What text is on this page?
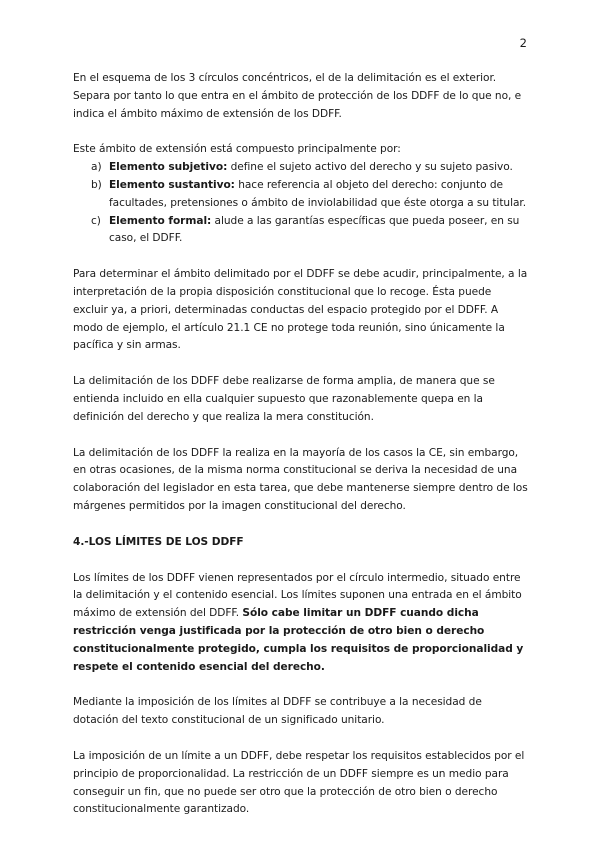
2

En el esquema de los 3 círculos concéntricos, el de la delimitación es el exterior. Separa por tanto lo que entra en el ámbito de protección de los DDFF de lo que no, e indica el ámbito máximo de extensión de los DDFF.

Este ámbito de extensión está compuesto principalmente por:

a) Elemento subjetivo: define el sujeto activo del derecho y su sujeto pasivo.
b) Elemento sustantivo: hace referencia al objeto del derecho: conjunto de facultades, pretensiones o ámbito de inviolabilidad que éste otorga a su titular.
c) Elemento formal: alude a las garantías específicas que pueda poseer, en su caso, el DDFF.

Para determinar el ámbito delimitado por el DDFF se debe acudir, principalmente, a la interpretación de la propia disposición constitucional que lo recoge. Ésta puede excluir ya, a priori, determinadas conductas del espacio protegido por el DDFF. A modo de ejemplo, el artículo 21.1 CE no protege toda reunión, sino únicamente la pacífica y sin armas.

La delimitación de los DDFF debe realizarse de forma amplia, de manera que se entienda incluido en ella cualquier supuesto que razonablemente quepa en la definición del derecho y que realiza la mera constitución.

La delimitación de los DDFF la realiza en la mayoría de los casos la CE, sin embargo, en otras ocasiones, de la misma norma constitucional se deriva la necesidad de una colaboración del legislador en esta tarea, que debe mantenerse siempre dentro de los márgenes permitidos por la imagen constitucional del derecho.

4.-LOS LÍMITES DE LOS DDFF

Los límites de los DDFF vienen representados por el círculo intermedio, situado entre la delimitación y el contenido esencial. Los límites suponen una entrada en el ámbito máximo de extensión del DDFF. Sólo cabe limitar un DDFF cuando dicha restricción venga justificada por la protección de otro bien o derecho constitucionalmente protegido, cumpla los requisitos de proporcionalidad y respete el contenido esencial del derecho.

Mediante la imposición de los límites al DDFF se contribuye a la necesidad de dotación del texto constitucional de un significado unitario.

La imposición de un límite a un DDFF, debe respetar los requisitos establecidos por el principio de proporcionalidad. La restricción de un DDFF siempre es un medio para conseguir un fin, que no puede ser otro que la protección de otro bien o derecho constitucionalmente garantizado.
